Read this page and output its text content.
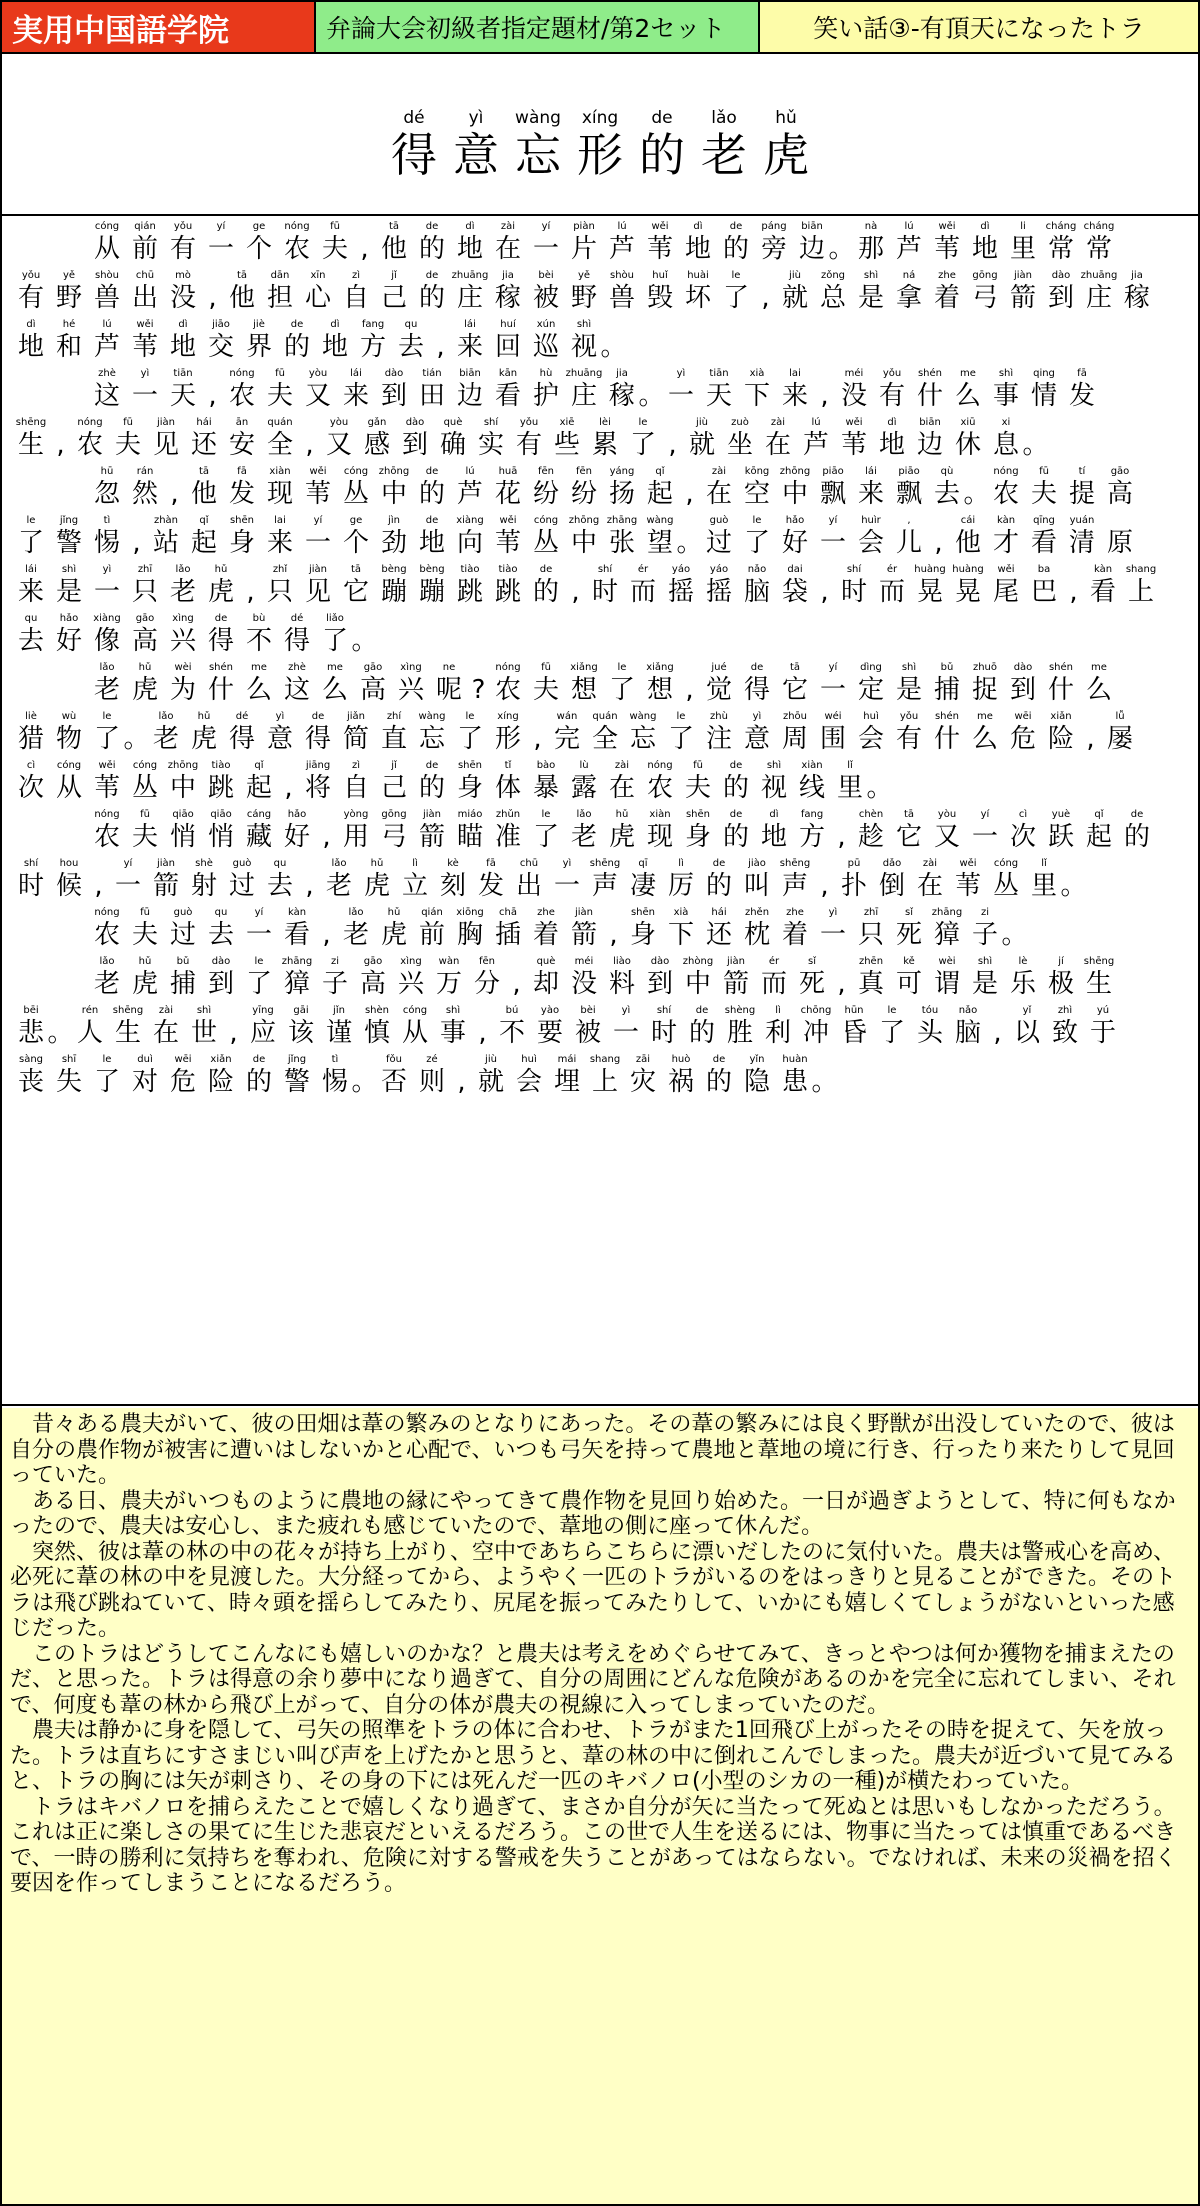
実用中国語学院	弁論大会初級者指定題材/第2セット	笑い話③-有頂天になったトラ
dé
得
yì
意
wàng
忘
xíng
形
de
的
lǎo
老
hǔ
虎
cóng
从
qián
前
yǒu
有
yí
一
ge
个
nóng
农
fū
夫 ,
tā
他
de
的
dì
地
zài
在
yí
一
piàn
片
lú
芦
wěi
苇
dì
地
de
的
páng
旁
biān
边 。
nà
那
lú
芦
wěi
苇
dì
地
li
里
cháng
常
cháng
常
yǒu
有
yě
野
shòu
兽
chū
出
mò
没 ,
tā
他
dān
担
xīn
心
zì
自
jǐ
己
de
的
zhuāng
庄
jia
稼
bèi
被
yě
野
shòu
兽
huǐ
毁
huài
坏
le
了 ,
jiù
就
zǒng
总
shì
是
ná
拿
zhe
着
gōng
弓
jiàn
箭
dào
到
zhuāng
庄
jia
稼
dì
地
hé
和
lú
芦
wěi
苇
dì
地
jiāo
交
jiè
界
de
的
dì
地
fang
方
qu
去 ,
lái
来
huí
回
xún
巡
shì
视 。
zhè
这
yì
一
tiān
天 ,
nóng
农
fū
夫
yòu
又
lái
来
dào
到
tián
田
biān
边
kān
看
hù
护
zhuāng
庄
jia
稼 。
yì
一
tiān
天
xià
下
lai
来 ,
méi
没
yǒu
有
shén
什
me
么
shì
事
qing
情
fā
发
shēng
生 ,
nóng
农
fū
夫
jiàn
见
hái
还
ān
安
quán
全 ,
yòu
又
gǎn
感
dào
到
què
确
shí
实
yǒu
有
xiē
些
lèi
累
le
了 ,
jiù
就
zuò
坐
zài
在
lú
芦
wěi
苇
dì
地
biān
边
xiū
休
xi
息 。
hū
忽
rán
然 ,
tā
他
fā
发
xiàn
现
wěi
苇
cóng
丛
zhōng
中
de
的
lú
芦
huā
花
fēn
纷
fēn
纷
yáng
扬
qǐ
起 ,
zài
在
kōng
空
zhōng
中
piāo
飘
lái
来
piāo
飘
qù
去 。
nóng
农
fū
夫
tí
提
gāo
高
le
了
jǐng
警
tì
惕 ,
zhàn
站
qǐ
起
shēn
身
lai
来
yí
一
ge
个
jìn
劲
de
地
xiàng
向
wěi
苇
cóng
丛
zhōng
中
zhāng
张
wàng
望 。
guò
过
le
了
hǎo
好
yí
一
huìr
会
,
儿 ,
cái
他
kàn
才
qīng
看
yuán
清 原
lái
来
shì
是
yì
一
zhī
只
lǎo
老
hǔ
虎 ,
zhǐ
只
jiàn
见
tā
它
bèng
蹦
bèng
蹦
tiào
跳
tiào
跳
de
的 ,
shí
时
ér
而
yáo
摇
yáo
摇
nǎo
脑
dai
袋 ,
shí
时
ér
而
huàng
晃
huàng
晃
wěi
尾
ba
巴 ,
kàn
看
shang
上
qu
去
hǎo
好
xiàng
像
gāo
高
xìng
兴
de
得
bù
不
dé
得
liǎo
了 。
lǎo
老
hǔ
虎
wèi
为
shén
什
me
么
zhè
这
me
么
gāo
高
xìng
兴
ne
呢 ?
nóng
农
fū
夫
xiǎng
想
le
了
xiǎng
想 ,
jué
觉
de
得
tā
它
yí
一
dìng
定
shì
是
bǔ
捕
zhuō
捉
dào
到
shén
什
me
么
liè
猎
wù
物
le
了 。
lǎo
老
hǔ
虎
dé
得
yì
意
de
得
jiǎn
简
zhí
直
wàng
忘
le
了
xíng
形 ,
wán
完
quán
全
wàng
忘
le
了
zhù
注
yì
意
zhōu
周
wéi
围
huì
会
yǒu
有
shén
什
me
么
wēi
危
xiǎn
险 ,
lǚ
屡
cì
次
cóng
从
wěi
苇
cóng
丛
zhōng
中
tiào
跳
qǐ
起 ,
jiāng
将
zì
自
jǐ
己
de
的
shēn
身
tǐ
体
bào
暴
lù
露
zài
在
nóng
农
fū
夫
de
的
shì
视
xiàn
线
lǐ
里 。
nóng
农
fū
夫
qiāo
悄
qiāo
悄
cáng
藏
hǎo
好 ,
yòng
用
gōng
弓
jiàn
箭
miáo
瞄
zhǔn
准
le
了
lǎo
老
hǔ
虎
xiàn
现
shēn
身
de
的
dì
地
fang
方 ,
chèn
趁
tā
它
yòu
又
yí
一
cì
次
yuè
跃
qǐ
起
de
的
shí
时
hou
候 ,
yí
一
jiàn
箭
shè
射
guò
过
qu
去 ,
lǎo
老
hǔ
虎
lì
立
kè
刻
fā
发
chū
出
yì
一
shēng
声
qī
凄
lì
厉
de
的
jiào
叫
shēng
声 ,
pū
扑
dǎo
倒
zài
在
wěi
苇
cóng
丛
lǐ
里 。
nóng
农
fū
夫
guò
过
qu
去
yí
一
kàn
看 ,
lǎo
老
hǔ
虎
qián
前
xiōng
胸
chā
插
zhe
着
jiàn
箭 ,
shēn
身
xià
下
hái
还
zhěn
枕
zhe
着
yì
一
zhī
只
sǐ
死
zhāng
獐
zi
子 。
lǎo
老
hǔ
虎
bǔ
捕
dào
到
le
了
zhāng
獐
zi
子
gāo
高
xìng
兴
wàn
万
fēn
分 ,
què
却
méi
没
liào
料
dào
到
zhòng
中
jiàn
箭
ér
而
sǐ
死 ,
zhēn
真
kě
可
wèi
谓
shì
是
lè
乐
jí
极
shēng
生
bēi
悲 。
rén
人
shēng
生
zài
在
shì
世 ,
yīng
应
gāi
该
jǐn
谨
shèn
慎
cóng
从
shì
事 ,
bú
不
yào
要
bèi
被
yì
一
shí
时
de
的
shèng
胜
lì
利
chōng
冲
hūn
昏
le
了
tóu
头
nǎo
脑 ,
yǐ
以
zhì
致
yú
于
sàng
丧
shī
失
le
了
duì
对
wēi
危
xiǎn
险
de
的
jǐng
警
tì
惕 。
fǒu
否
zé
则 ,
jiù
就
huì
会
mái
埋
shang
上
zāi
灾
huò
祸
de
的
yǐn
隐
huàn
患 。

昔々ある農夫がいて、彼の田畑は葦の繁みのとなりにあった。その葦の繁みには良く野獣が出没していたので、彼は自分の農作物が被害に遭いはしないかと心配で、いつも弓矢を持って農地と葦地の境に行き、行ったり来たりして見回っていた。

ある日、農夫がいつものように農地の縁にやってきて農作物を見回り始めた。一日が過ぎようとして、特に何もなかったので、農夫は安心し、また疲れも感じていたので、葦地の側に座って休んだ。

突然、彼は葦の林の中の花々が持ち上がり、空中であちらこちらに漂いだしたのに気付いた。農夫は警戒心を高め、必死に葦の林の中を見渡した。大分経ってから、ようやく一匹のトラがいるのをはっきりと見ることができた。そのトラは飛び跳ねていて、時々頭を揺らしてみたり、尻尾を振ってみたりして、いかにも嬉しくてしょうがないといった感じだった。

このトラはどうしてこんなにも嬉しいのかな？と農夫は考えをめぐらせてみて、きっとやつは何か獲物を捕まえたのだ、と思った。トラは得意の余り夢中になり過ぎて、自分の周囲にどんな危険があるのかを完全に忘れてしまい、それで、何度も葦の林から飛び上がって、自分の体が農夫の視線に入ってしまっていたのだ。

農夫は静かに身を隠して、弓矢の照準をトラの体に合わせ、トラがまた1回飛び上がったその時を捉えて、矢を放った。トラは直ちにすさまじい叫び声を上げたかと思うと、葦の林の中に倒れこんでしまった。農夫が近づいて見てみると、トラの胸には矢が刺さり、その身の下には死んだ一匹のキバノロ(小型のシカの一種)が横たわっていた。

トラはキバノロを捕らえたことで嬉しくなり過ぎて、まさか自分が矢に当たって死ぬとは思いもしなかっただろう。これは正に楽しさの果てに生じた悲哀だといえるだろう。この世で人生を送るには、物事に当たっては慎重であるべきで、一時の勝利に気持ちを奪われ、危険に対する警戒を失うことがあってはならない。でなければ、未来の災禍を招く要因を作ってしまうことになるだろう。
